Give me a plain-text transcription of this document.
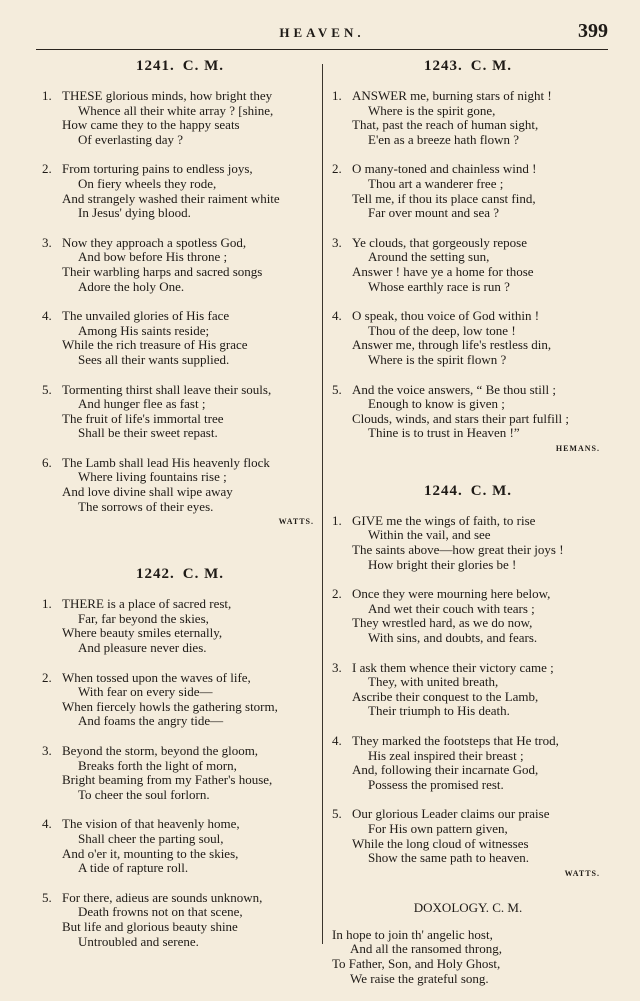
HEAVEN.	399
1241. C. M.
1. THESE glorious minds, how bright they
Whence all their white array ? [shine,
How came they to the happy seats
Of everlasting day ?
2. From torturing pains to endless joys,
On fiery wheels they rode,
And strangely washed their raiment white
In Jesus' dying blood.
3. Now they approach a spotless God,
And bow before His throne ;
Their warbling harps and sacred songs
Adore the holy One.
4. The unvailed glories of His face
Among His saints reside;
While the rich treasure of His grace
Sees all their wants supplied.
5. Tormenting thirst shall leave their souls,
And hunger flee as fast ;
The fruit of life's immortal tree
Shall be their sweet repast.
6. The Lamb shall lead His heavenly flock
Where living fountains rise ;
And love divine shall wipe away
The sorrows of their eyes.
WATTS.
1242. C. M.
1. THERE is a place of sacred rest,
Far, far beyond the skies,
Where beauty smiles eternally,
And pleasure never dies.
2. When tossed upon the waves of life,
With fear on every side—
When fiercely howls the gathering storm,
And foams the angry tide—
3. Beyond the storm, beyond the gloom,
Breaks forth the light of morn,
Bright beaming from my Father's house,
To cheer the soul forlorn.
4. The vision of that heavenly home,
Shall cheer the parting soul,
And o'er it, mounting to the skies,
A tide of rapture roll.
5. For there, adieus are sounds unknown,
Death frowns not on that scene,
But life and glorious beauty shine
Untroubled and serene.
1243. C. M.
1. ANSWER me, burning stars of night !
Where is the spirit gone,
That, past the reach of human sight,
E'en as a breeze hath flown ?
2. O many-toned and chainless wind !
Thou art a wanderer free ;
Tell me, if thou its place canst find,
Far over mount and sea ?
3. Ye clouds, that gorgeously repose
Around the setting sun,
Answer ! have ye a home for those
Whose earthly race is run ?
4. O speak, thou voice of God within !
Thou of the deep, low tone !
Answer me, through life's restless din,
Where is the spirit flown ?
5. And the voice answers, “ Be thou still ;
Enough to know is given ;
Clouds, winds, and stars their part fulfill ;
Thine is to trust in Heaven !”
HEMANS.
1244. C. M.
1. GIVE me the wings of faith, to rise
Within the vail, and see
The saints above—how great their joys !
How bright their glories be !
2. Once they were mourning here below,
And wet their couch with tears ;
They wrestled hard, as we do now,
With sins, and doubts, and fears.
3. I ask them whence their victory came ;
They, with united breath,
Ascribe their conquest to the Lamb,
Their triumph to His death.
4. They marked the footsteps that He trod,
His zeal inspired their breast ;
And, following their incarnate God,
Possess the promised rest.
5. Our glorious Leader claims our praise
For His own pattern given,
While the long cloud of witnesses
Show the same path to heaven.
WATTS.
DOXOLOGY. C. M.
In hope to join th' angelic host,
And all the ransomed throng,
To Father, Son, and Holy Ghost,
We raise the grateful song.
